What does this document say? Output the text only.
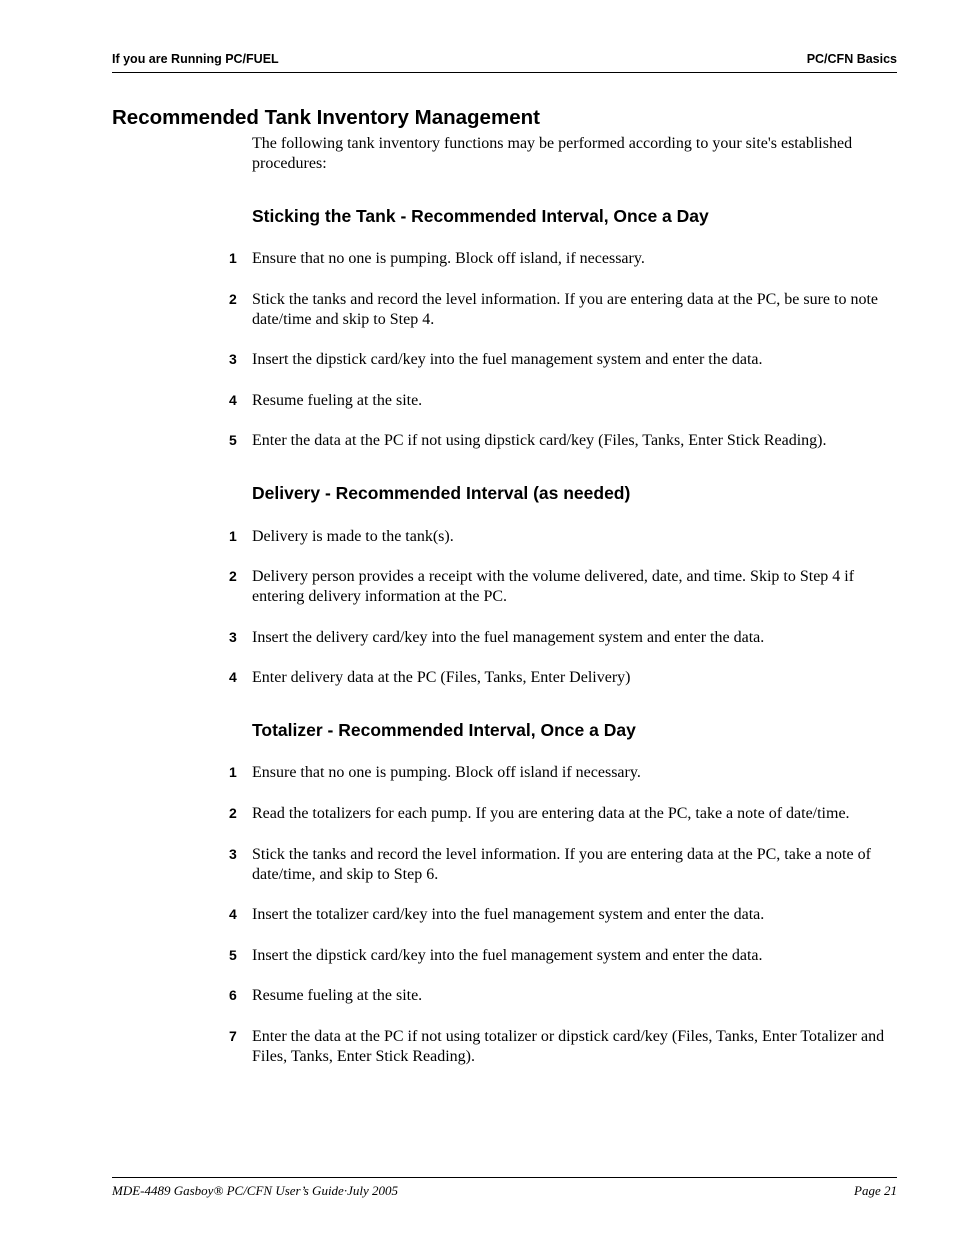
If you are Running PC/FUEL	PC/CFN Basics
Recommended Tank Inventory Management

The following tank inventory functions may be performed according to your site's established procedures:

Sticking the Tank - Recommended Interval, Once a Day
1 Ensure that no one is pumping. Block off island, if necessary.
2 Stick the tanks and record the level information. If you are entering data at the PC, be sure to note date/time and skip to Step 4.
3 Insert the dipstick card/key into the fuel management system and enter the data.
4 Resume fueling at the site.
5 Enter the data at the PC if not using dipstick card/key (Files, Tanks, Enter Stick Reading).
Delivery - Recommended Interval (as needed)
1 Delivery is made to the tank(s).
2 Delivery person provides a receipt with the volume delivered, date, and time. Skip to Step 4 if entering delivery information at the PC.
3 Insert the delivery card/key into the fuel management system and enter the data.
4 Enter delivery data at the PC (Files, Tanks, Enter Delivery)
Totalizer - Recommended Interval, Once a Day
1 Ensure that no one is pumping. Block off island if necessary.
2 Read the totalizers for each pump. If you are entering data at the PC, take a note of date/time.
3 Stick the tanks and record the level information. If you are entering data at the PC, take a note of date/time, and skip to Step 6.
4 Insert the totalizer card/key into the fuel management system and enter the data.
5 Insert the dipstick card/key into the fuel management system and enter the data.
6 Resume fueling at the site.
7 Enter the data at the PC if not using totalizer or dipstick card/key (Files, Tanks, Enter Totalizer and Files, Tanks, Enter Stick Reading).
MDE-4489 Gasboy® PC/CFN User’s Guide·July 2005	Page 21
